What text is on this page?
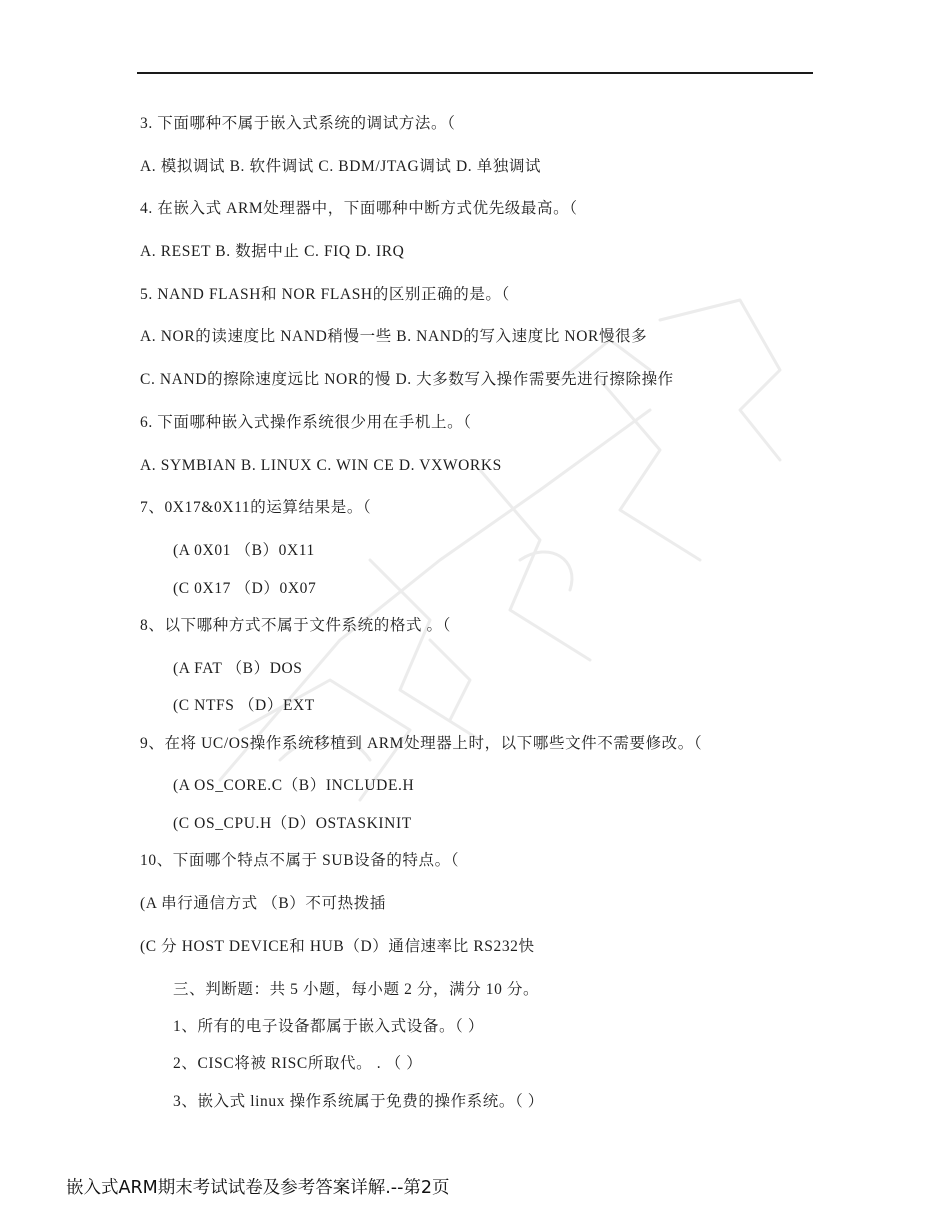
3. 下面哪种不属于嵌入式系统的调试方法。（
A. 模拟调试 B. 软件调试 C. BDM/JTAG调试 D. 单独调试
4. 在嵌入式 ARM处理器中，下面哪种中断方式优先级最高。（
A. RESET B. 数据中止 C. FIQ D. IRQ
5. NAND FLASH和 NOR FLASH的区别正确的是。（
A. NOR的读速度比 NAND稍慢一些 B. NAND的写入速度比 NOR慢很多
C. NAND的擦除速度远比 NOR的慢 D. 大多数写入操作需要先进行擦除操作
6. 下面哪种嵌入式操作系统很少用在手机上。（
A. SYMBIAN B. LINUX C. WIN CE D. VXWORKS
7、0X17&0X11的运算结果是。（
(A 0X01 （B）0X11
(C 0X17 （D）0X07
8、以下哪种方式不属于文件系统的格式 。（
(A FAT （B）DOS
(C NTFS （D）EXT
9、在将 UC/OS操作系统移植到 ARM处理器上时，以下哪些文件不需要修改。（
(A OS_CORE.C（B）INCLUDE.H
(C OS_CPU.H（D）OSTASKINIT
10、下面哪个特点不属于 SUB设备的特点。（
(A 串行通信方式 （B）不可热拨插
(C 分 HOST DEVICE和 HUB（D）通信速率比 RS232快
三、判断题：共 5 小题，每小题 2 分，满分 10 分。
1、所有的电子设备都属于嵌入式设备。（ ）
2、CISC将被 RISC所取代。 . （ ）
3、嵌入式 linux 操作系统属于免费的操作系统。（ ）
嵌入式ARM期末考试试卷及参考答案详解.--第2页
